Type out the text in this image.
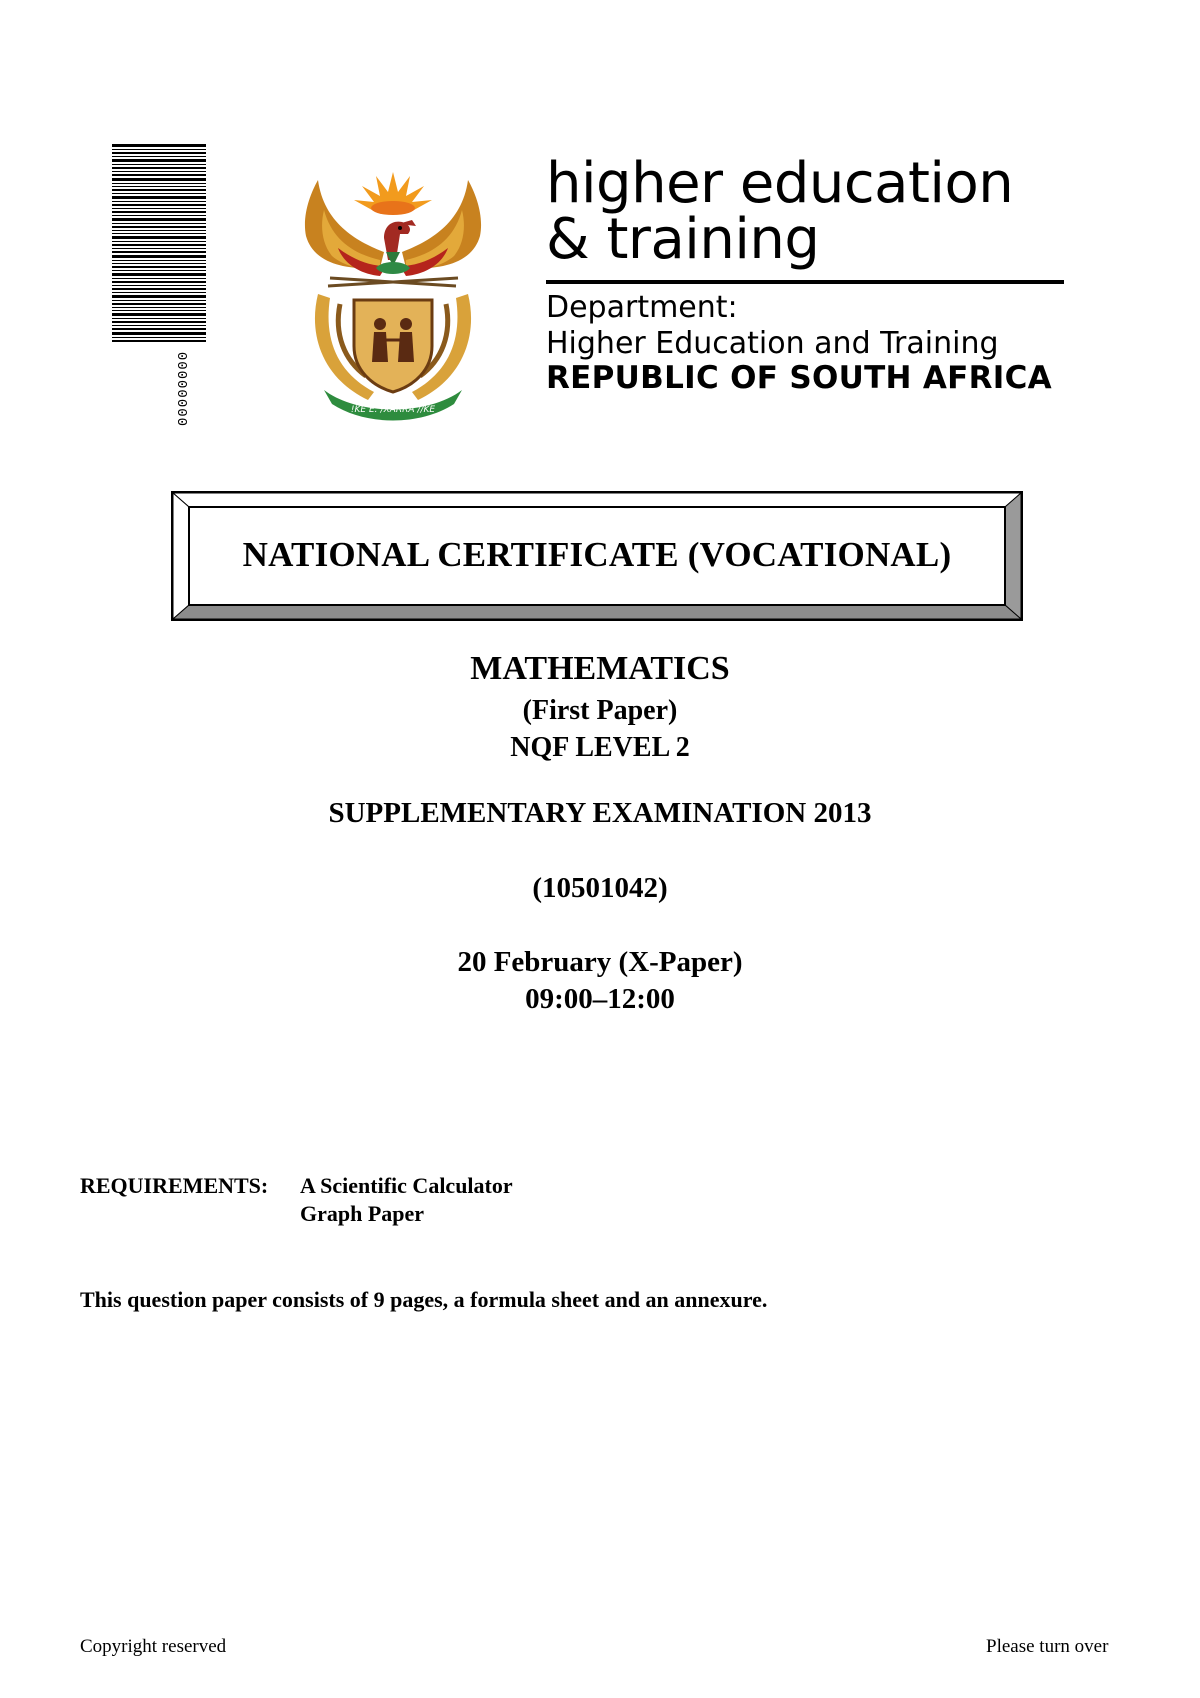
00000000	!KE E: /XARRA //KE
higher education
& training
Department:
Higher Education and Training
REPUBLIC OF SOUTH AFRICA
NATIONAL CERTIFICATE (VOCATIONAL)
MATHEMATICS
(First Paper)
NQF LEVEL 2
SUPPLEMENTARY EXAMINATION 2013
(10501042)
20 February (X-Paper)
09:00–12:00
REQUIREMENTS: A Scientific Calculator
Graph Paper
This question paper consists of 9 pages, a formula sheet and an annexure.
Copyright reserved	Please turn over
